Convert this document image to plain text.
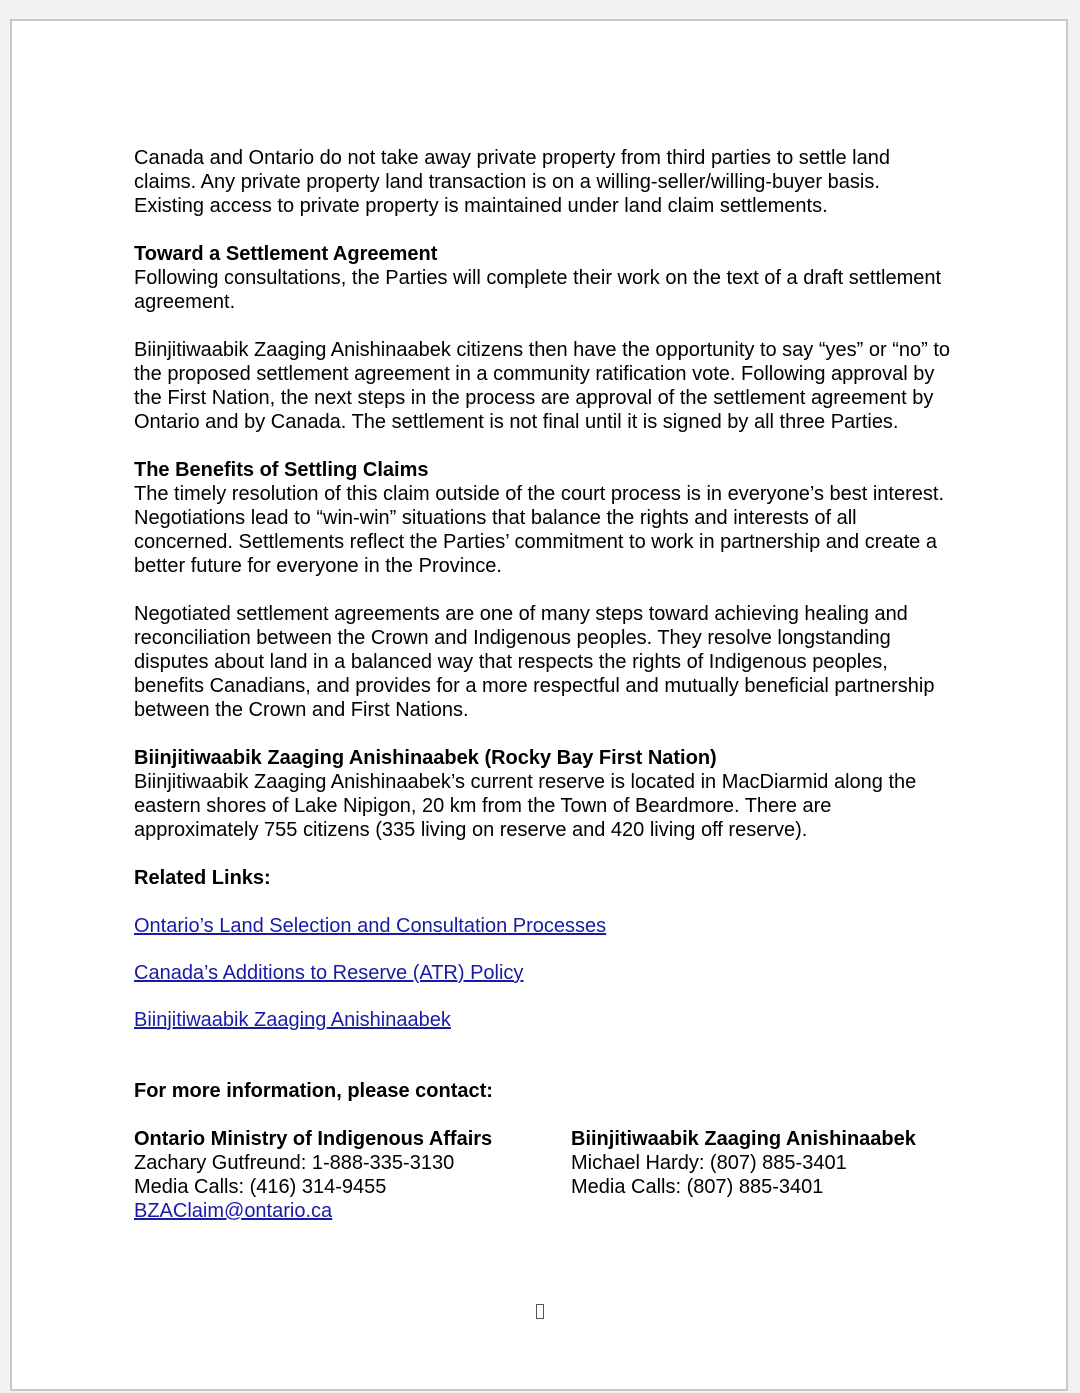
Canada and Ontario do not take away private property from third parties to settle land claims. Any private property land transaction is on a willing-seller/willing-buyer basis. Existing access to private property is maintained under land claim settlements.

Toward a Settlement Agreement
Following consultations, the Parties will complete their work on the text of a draft settlement agreement.

Biinjitiwaabik Zaaging Anishinaabek citizens then have the opportunity to say “yes” or “no” to the proposed settlement agreement in a community ratification vote. Following approval by the First Nation, the next steps in the process are approval of the settlement agreement by Ontario and by Canada. The settlement is not final until it is signed by all three Parties.

The Benefits of Settling Claims
The timely resolution of this claim outside of the court process is in everyone’s best interest. Negotiations lead to “win-win” situations that balance the rights and interests of all concerned. Settlements reflect the Parties’ commitment to work in partnership and create a better future for everyone in the Province.

Negotiated settlement agreements are one of many steps toward achieving healing and reconciliation between the Crown and Indigenous peoples. They resolve longstanding disputes about land in a balanced way that respects the rights of Indigenous peoples, benefits Canadians, and provides for a more respectful and mutually beneficial partnership between the Crown and First Nations.

Biinjitiwaabik Zaaging Anishinaabek (Rocky Bay First Nation)
Biinjitiwaabik Zaaging Anishinaabek’s current reserve is located in MacDiarmid along the eastern shores of Lake Nipigon, 20 km from the Town of Beardmore. There are approximately 755 citizens (335 living on reserve and 420 living off reserve).

Related Links:

Ontario’s Land Selection and Consultation Processes

Canada’s Additions to Reserve (ATR) Policy

Biinjitiwaabik Zaaging Anishinaabek

For more information, please contact:

Ontario Ministry of Indigenous Affairs
Zachary Gutfreund: 1-888-335-3130
Media Calls: (416) 314-9455
BZAClaim@ontario.ca
Biinjitiwaabik Zaaging Anishinaabek
Michael Hardy: (807) 885-3401
Media Calls: (807) 885-3401
